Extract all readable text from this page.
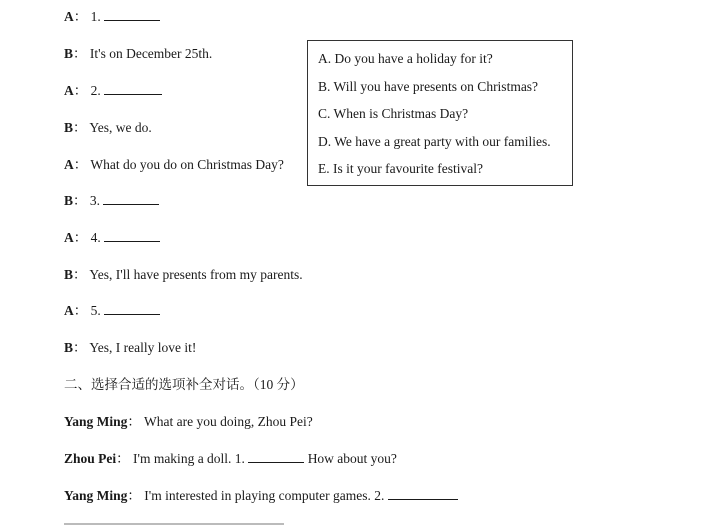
A： 1.
B： It's on December 25th.
A： 2.
B： Yes, we do.
A： What do you do on Christmas Day?
B： 3.
A： 4.
B： Yes, I'll have presents from my parents.
A： 5.
B： Yes, I really love it!
A. Do you have a holiday for it?
B. Will you have presents on Christmas?
C. When is Christmas Day?
D. We have a great party with our families.
E. Is it your favourite festival?
二、选择合适的选项补全对话。（10 分）
Yang Ming： What are you doing, Zhou Pei?
Zhou Pei： I'm making a doll. 1.	How about you?
Yang Ming： I'm interested in playing computer games. 2.
